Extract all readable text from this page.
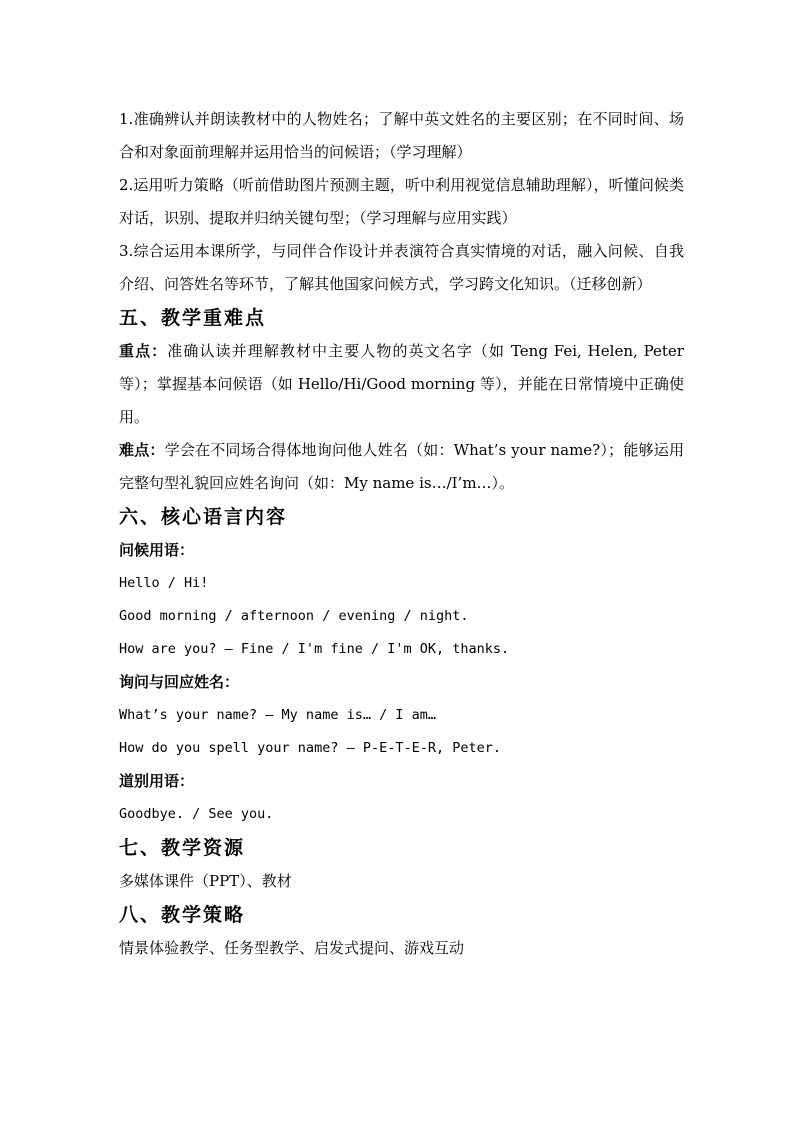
1.准确辨认并朗读教材中的人物姓名；了解中英文姓名的主要区别；在不同时间、场合和对象面前理解并运用恰当的问候语；（学习理解）

2.运用听力策略（听前借助图片预测主题，听中利用视觉信息辅助理解），听懂问候类对话，识别、提取并归纳关键句型；（学习理解与应用实践）

3.综合运用本课所学，与同伴合作设计并表演符合真实情境的对话，融入问候、自我介绍、问答姓名等环节，了解其他国家问候方式，学习跨文化知识。（迁移创新）

五、教学重难点

重点：准确认读并理解教材中主要人物的英文名字（如 Teng Fei, Helen, Peter 等）；掌握基本问候语（如 Hello/Hi/Good morning 等），并能在日常情境中正确使用。

难点：学会在不同场合得体地询问他人姓名（如：What’s your name?）；能够运用完整句型礼貌回应姓名询问（如：My name is…/I’m…）。

六、核心语言内容

问候用语：

Hello / Hi!

Good morning / afternoon / evening / night.

How are you? — Fine / I'm fine / I'm OK, thanks.

询问与回应姓名：

What’s your name? — My name is… / I am…

How do you spell your name? — P-E-T-E-R, Peter.

道别用语：

Goodbye. / See you.

七、教学资源

多媒体课件（PPT）、教材

八、教学策略

情景体验教学、任务型教学、启发式提问、游戏互动
